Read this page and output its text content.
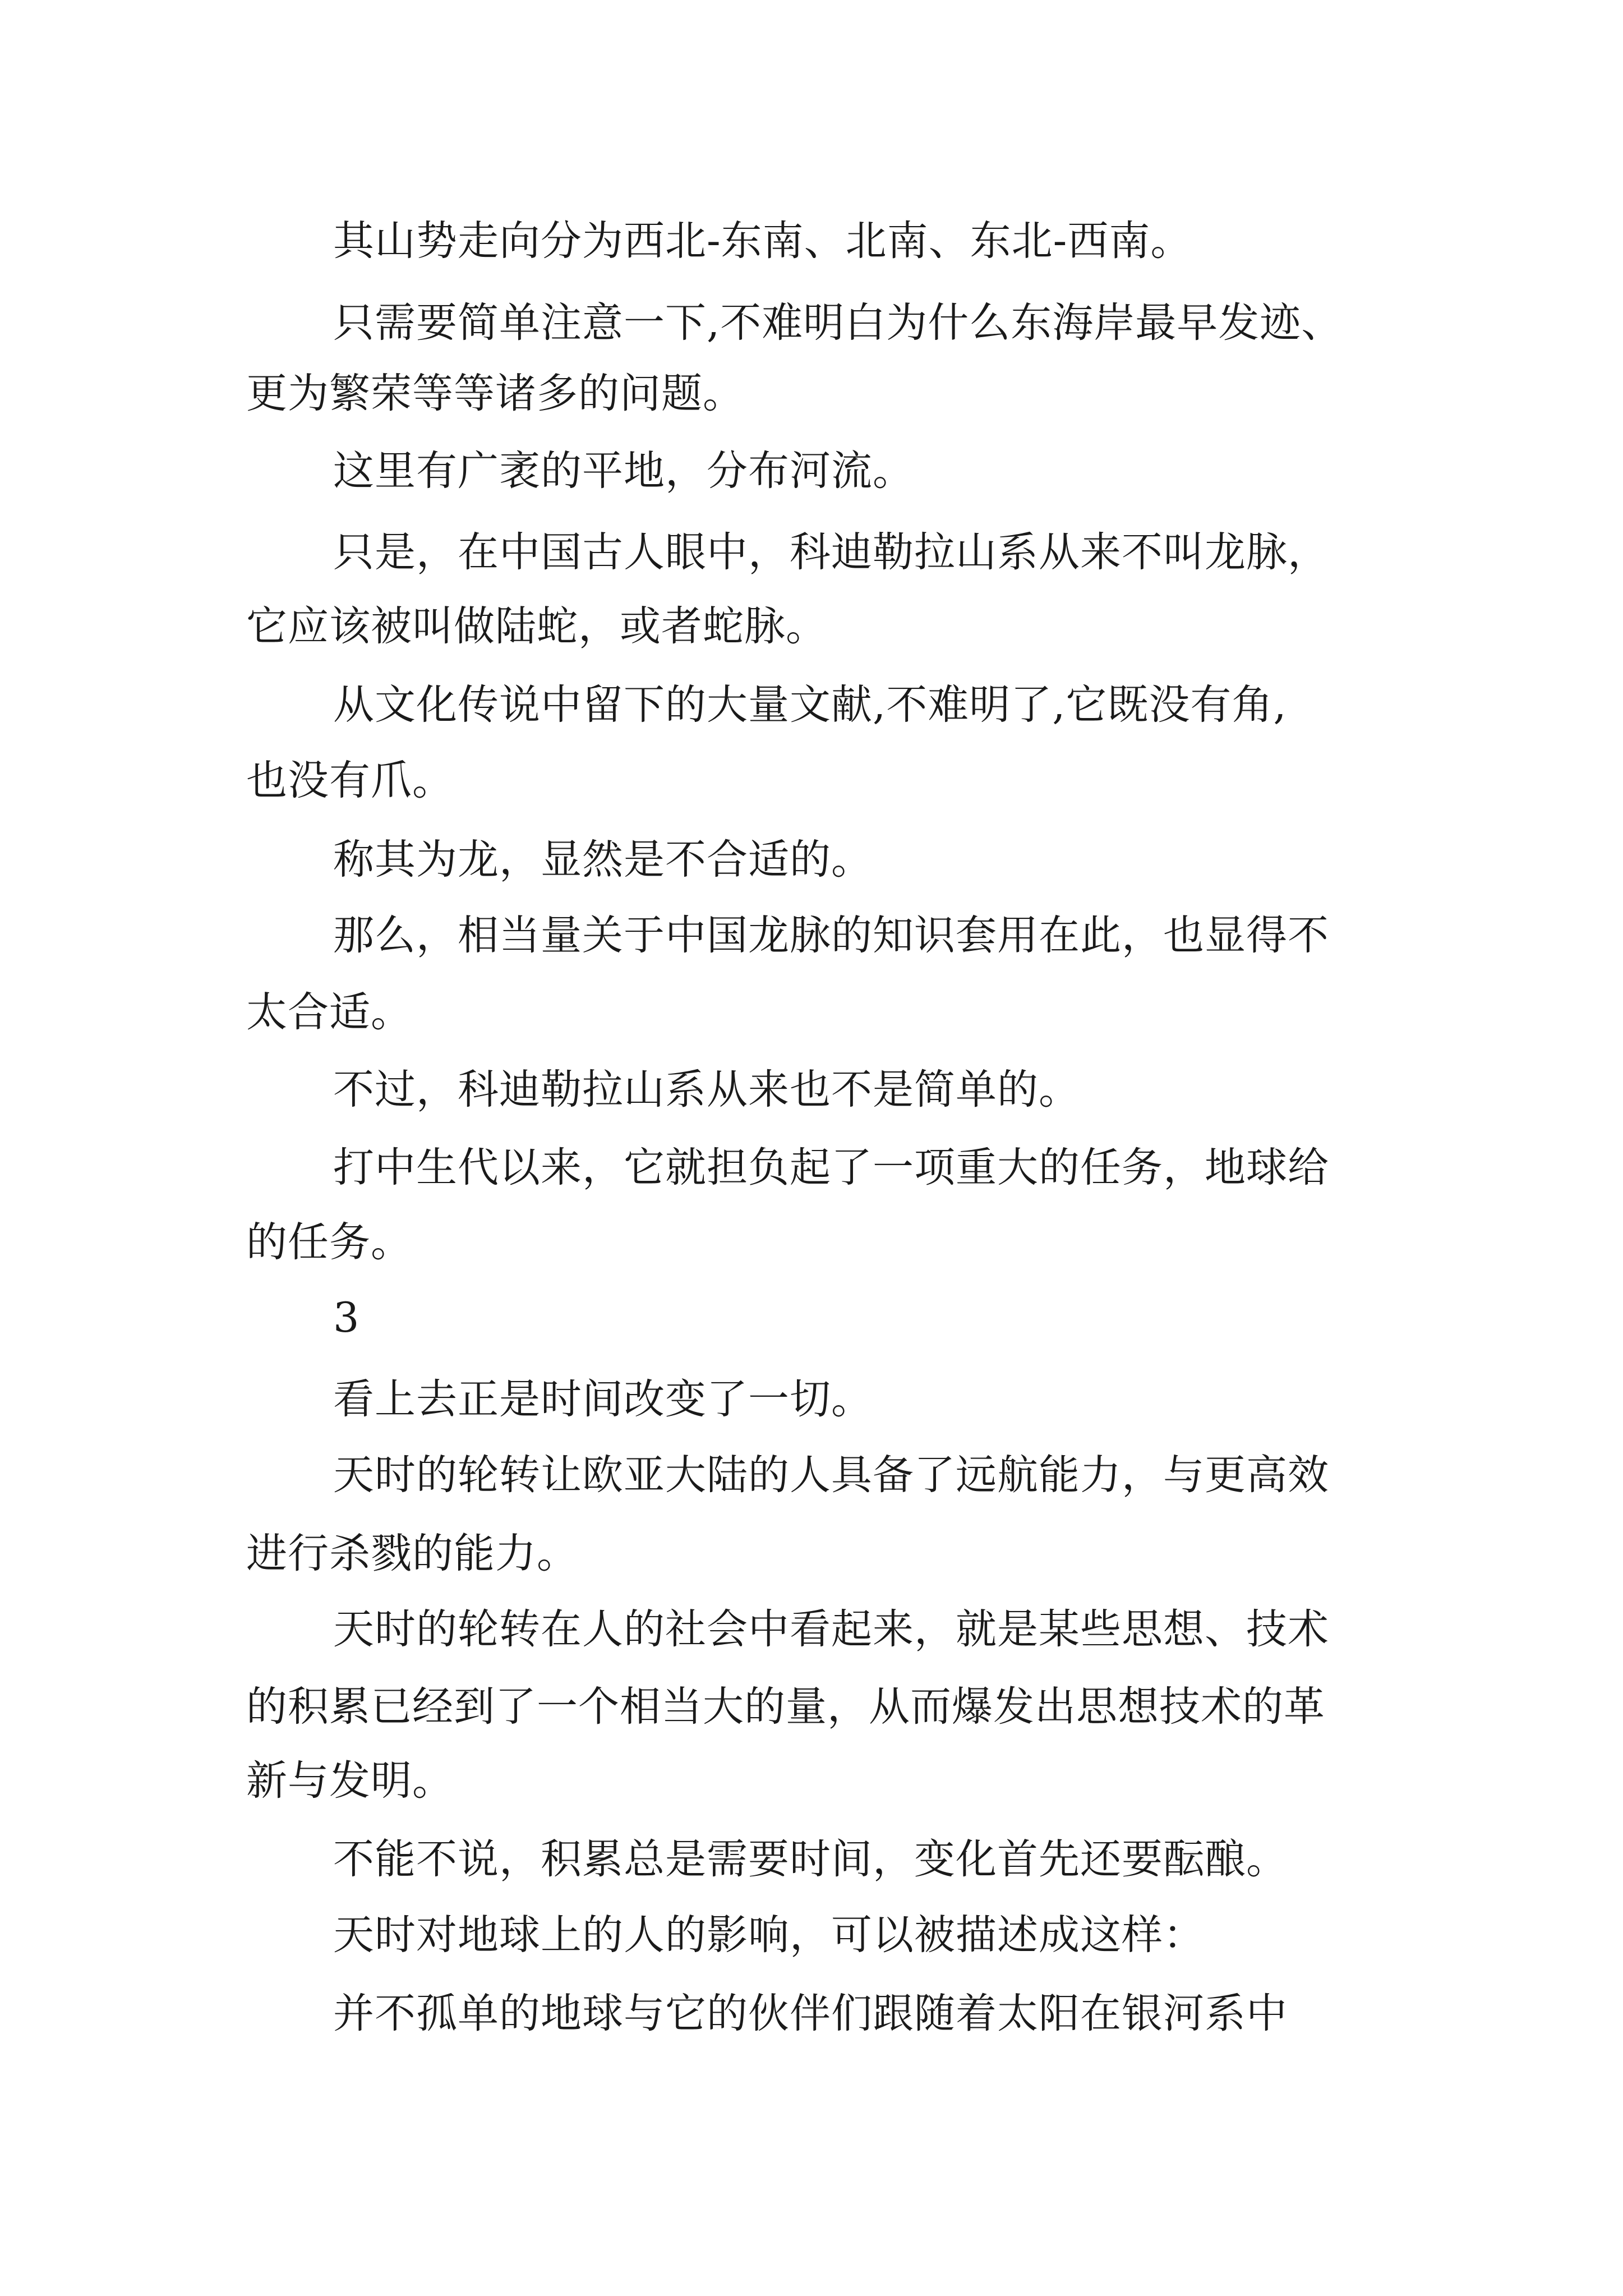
其山势走向分为西北-东南、北南、东北-西南。
只需要简单注意一下,不难明白为什么东海岸最早发迹、
更为繁荣等等诸多的问题。
这里有广袤的平地，分布河流。
只是，在中国古人眼中，科迪勒拉山系从来不叫龙脉，
它应该被叫做陆蛇，或者蛇脉。
从文化传说中留下的大量文献,不难明了,它既没有角,
也没有爪。
称其为龙，显然是不合适的。
那么，相当量关于中国龙脉的知识套用在此，也显得不
太合适。
不过，科迪勒拉山系从来也不是简单的。
打中生代以来，它就担负起了一项重大的任务，地球给
的任务。
3
看上去正是时间改变了一切。
天时的轮转让欧亚大陆的人具备了远航能力，与更高效
进行杀戮的能力。
天时的轮转在人的社会中看起来，就是某些思想、技术
的积累已经到了一个相当大的量，从而爆发出思想技术的革
新与发明。
不能不说，积累总是需要时间，变化首先还要酝酿。
天时对地球上的人的影响，可以被描述成这样：
并不孤单的地球与它的伙伴们跟随着太阳在银河系中
